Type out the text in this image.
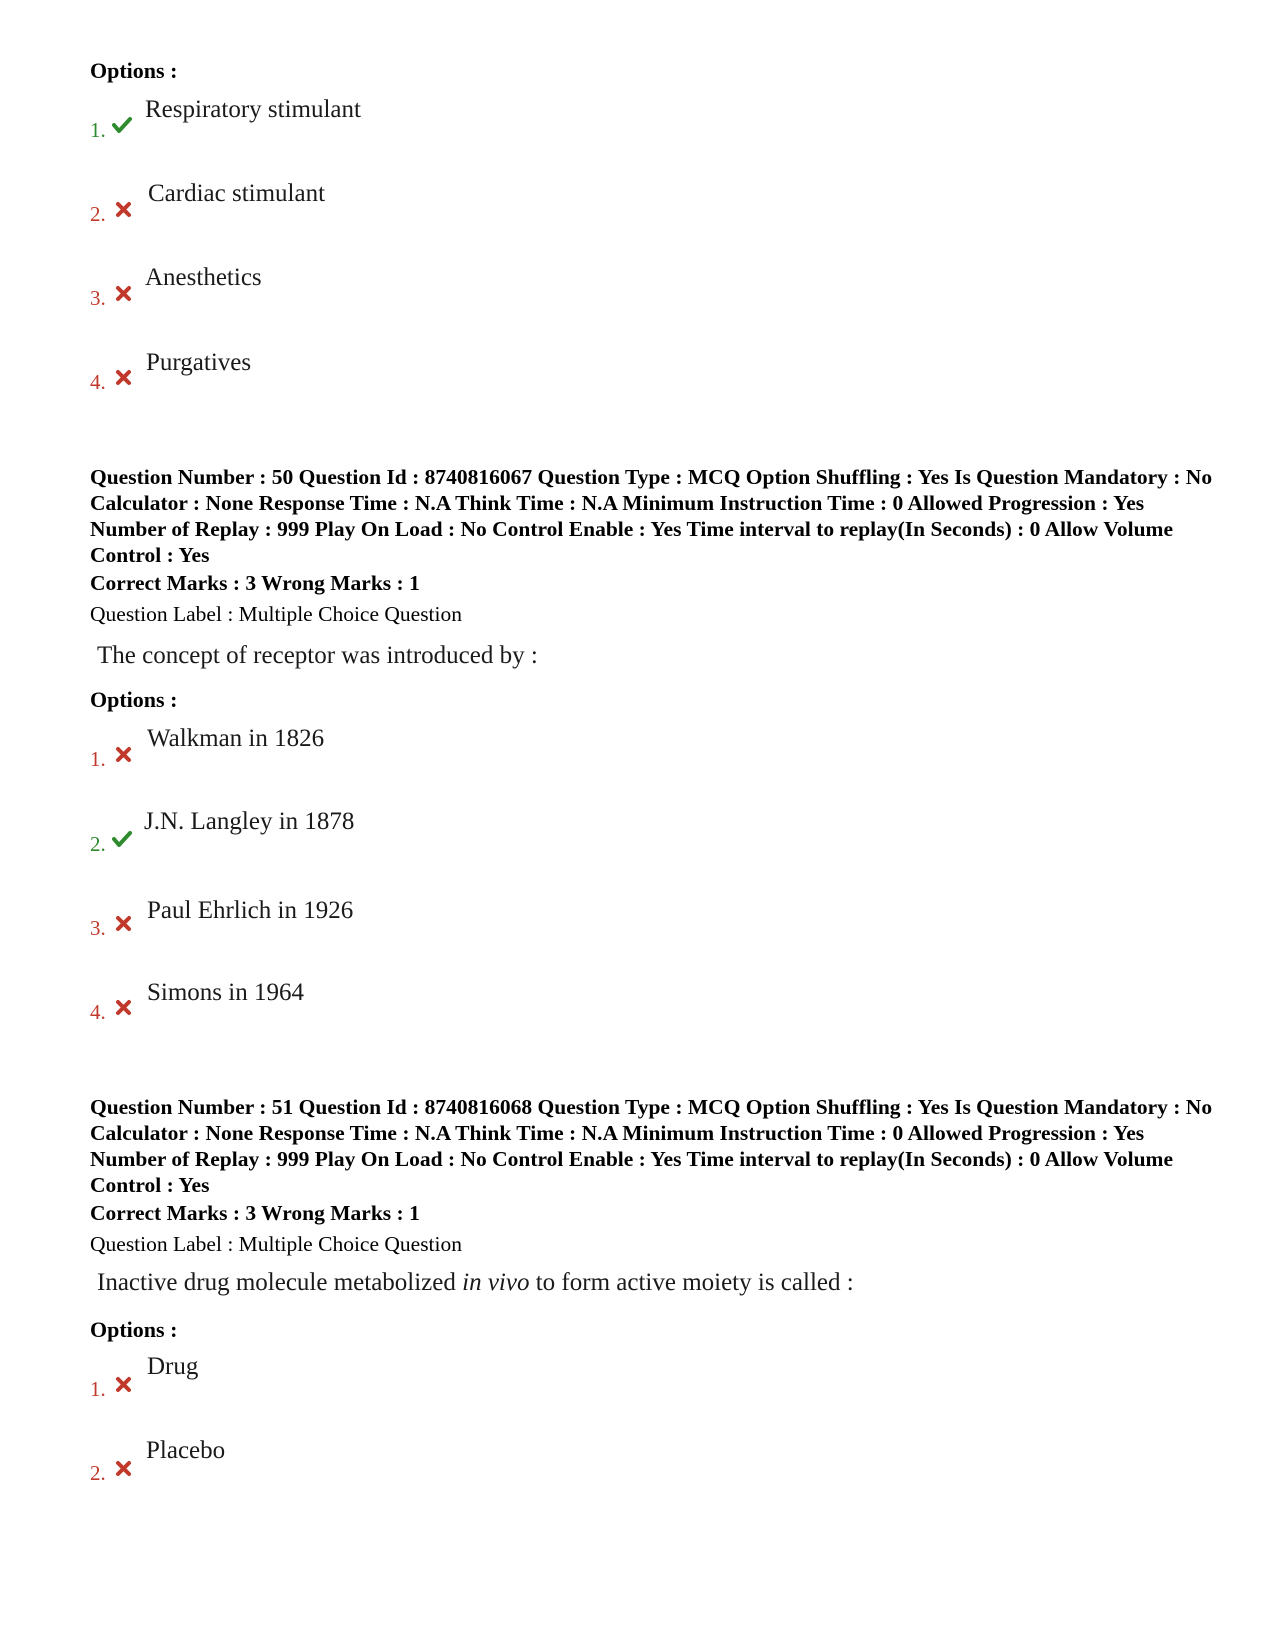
Options :
1.
Respiratory stimulant
2.
Cardiac stimulant
3.
Anesthetics
4.
Purgatives
Question Number : 50 Question Id : 8740816067 Question Type : MCQ Option Shuffling : Yes Is Question Mandatory : No Calculator : None Response Time : N.A Think Time : N.A Minimum Instruction Time : 0 Allowed Progression : Yes Number of Replay : 999 Play On Load : No Control Enable : Yes Time interval to replay(In Seconds) : 0 Allow Volume Control : Yes
Correct Marks : 3 Wrong Marks : 1
Question Label : Multiple Choice Question
The concept of receptor was introduced by :
Options :
1.
Walkman in 1826
2.
J.N. Langley in 1878
3.
Paul Ehrlich in 1926
4.
Simons in 1964
Question Number : 51 Question Id : 8740816068 Question Type : MCQ Option Shuffling : Yes Is Question Mandatory : No Calculator : None Response Time : N.A Think Time : N.A Minimum Instruction Time : 0 Allowed Progression : Yes Number of Replay : 999 Play On Load : No Control Enable : Yes Time interval to replay(In Seconds) : 0 Allow Volume Control : Yes
Correct Marks : 3 Wrong Marks : 1
Question Label : Multiple Choice Question
Inactive drug molecule metabolized in vivo to form active moiety is called :
Options :
1.
Drug
2.
Placebo
